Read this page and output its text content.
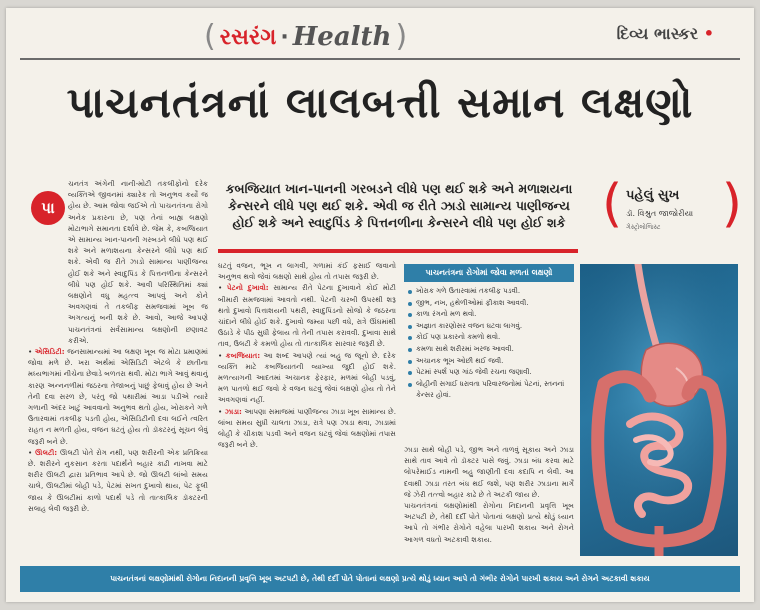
( રસરંગ · Health )	દિવ્ય ભાસ્કર •
પાચનતંત્રનાં લાલબત્તી સમાન લક્ષણો
કબજિયાત ખાન-પાનની ગરબડને લીધે પણ થઈ શકે અને મળાશયના કેન્સરને લીધે પણ થઈ શકે. એવી જ રીતે ઝાડો સામાન્ય પાણીજન્ય હોઈ શકે અને સ્વાદુપિંડ કે પિત્તનળીના કેન્સરને લીધે પણ હોઈ શકે ( પહેલું સુખ
ડૉ. વિશ્રુત જાજોરીયા
ગેસ્ટ્રોલોજિસ્ટ )
પા

ચનતંત્ર અંગેની નાની-મોટી તકલીફોનો દરેક વ્યક્તિએ જીવનમાં ક્યારેક તો અનુભવ કર્યો જ હોય છે. આમ જોવા જઈએ તો પાચનતંત્રના રોગો અનેક પ્રકારના છે, પણ તેનાં બાહ્ય લક્ષણો મોટાભાગે સમાનતા દર્શાવે છે. જેમ કે, કબજિયાત એ સામાન્ય ખાન-પાનની ગરબડને લીધે પણ થઈ શકે અને મળાશયના કેન્સરને લીધે પણ થઈ શકે. એવી જ રીતે ઝાડો સામાન્ય પાણીજન્ય હોઈ શકે અને સ્વાદુપિંડ કે પિત્તનળીના કેન્સરને લીધે પણ હોઈ શકે. આવી પરિસ્થિતિમાં ક્યાં લક્ષણોને વધુ મહત્ત્વ આપવું અને કોને અવગણવાં તે તકલીફ સમજવામાં ખૂબ જ અગત્યનું બની શકે છે. આવો, આજે આપણે પાચનતંત્રનાં સર્વસામાન્ય લક્ષણોની છણાવટ કરીએ.

• એસિડિટી: જનસામાન્યમાં આ લક્ષણ ખૂબ જ મોટા પ્રમાણમાં જોવા મળે છે. ખરા અર્થમાં એસિડિટી એટલે કે છાતીના મધ્યભાગમાં નીચેના છેવાડે બળતરા થવી. મોટા ભાગે આવું થવાનું કારણ અન્નનળીમાં જઠરના તેજાબનું પાછું ફેલાવું હોય છે અને તેની દવા સરળ છે, પરંતુ જો પથારીમાં આડા પડીએ ત્યારે ગળાની અંદર ખાટું આવવાનો અનુભવ થતો હોય, ખોરાકને ગળે ઉતારવામાં તકલીફ પડતી હોય, એસિડિટીની દવા લઈને ત્વરિત રાહત ન મળતી હોય, વજન ઘટતું હોય તો ડૉક્ટરનું સૂચન લેવું જરૂરી બને છે.

• ઊલટી: ઊલટી પોતે રોગ નથી, પણ શરીરની એક પ્રતિક્રિયા છે. શરીરને નુકસાન કરતા પદાર્થને બહાર કાઢી નાખવા માટે શરીર ઊલટી દ્વારા પ્રતિભાવ આપે છે. જો ઊલટી લાંબો સમય ચાલે, ઊલટીમાં લોહી પડે, પેટમાં સખત દુખાવો થાય, પેટ ફૂલી જાય કે ઊલટીમાં કાળો પદાર્થ પડે તો તાત્કાલિક ડૉક્ટરની સલાહ લેવી જરૂરી છે.

ઘટતું વજન, ભૂખ ન લાગવી, ગળામાં કંઈ ફસાઈ જવાનો અનુભવ થવો જેવાં લક્ષણો સાથે હોય તો તપાસ જરૂરી છે.

• પેટનો દુખાવો: સામાન્ય રીતે પેટના દુખાવાને કોઈ મોટી બીમારી સમજવામાં આવતો નથી. પેટની ચરબી ઉપરથી શરૂ થતો દુખાવો પિત્તાશયની પથરી, સ્વાદુપિંડનો સોજો કે જઠરના ચાંદાને લીધે હોઈ શકે. દુખાવો જમ્યા પછી વધે, રાત્રે ઊંઘમાંથી ઉઠાડે કે પીઠ સુધી ફેલાય તો તેની તપાસ કરાવવી. દુખાવા સાથે તાવ, ઉલટી કે કમળો હોય તો તાત્કાલિક સારવાર જરૂરી છે.

• કબજિયાત: આ શબ્દ આપણે ત્યાં બહુ જ જૂનો છે. દરેક વ્યક્તિ માટે કબજિયાતની વ્યાખ્યા જુદી હોઈ શકે. મળત્યાગની આદતમાં અચાનક ફેરફાર, મળમાં લોહી પડવું, મળ પાતળો થઈ જવો કે વજન ઘટવું જેવાં લક્ષણો હોય તો તેને અવગણવાં નહીં.

• ઝાડા: આપણા સમાજમાં પાણીજન્ય ઝાડા ખૂબ સામાન્ય છે. લાંબા સમય સુધી ચાલતા ઝાડા, રાત્રે પણ ઝાડા થવા, ઝાડામાં લોહી કે ચીકાશ પડવી અને વજન ઘટવું જેવાં લક્ષણોમાં તપાસ જરૂરી બને છે.

પાચનતંત્રના રોગોમાં જોવા મળતાં લક્ષણો
ખોરાક ગળે ઉતારવામાં તકલીફ પડવી.
જીભ, નખ, હથેળીઓમાં ફીકાશ આવવી.
કાળા રંગનો મળ થવો.
અજ્ઞાત કારણોસર વજન ઘટવા લાગવું.
કોઈ પણ પ્રકારનો કમળો થવો.
કમળા સાથે શરીરમાં ખરજ આવવી.
અચાનક ભૂખ ઓછી થઈ જવી.
પેટમાં સ્પર્શ પણ ગાંઠ જેવી રચના જણાવી.
લોહીની સગાઈ ધરાવતા પરિવારજનોમાં પેટનાં, સ્તનનાં કેન્સર હોવાં.

ઝાડા સાથે લોહી પડે, જીભ અને તાળવું સૂકાય અને ઝાડા સાથે તાવ આવે તો ડૉક્ટર પાસે જવું. ઝાડા બંધ કરવા માટે લોપરેમાઈડ નામની બહુ જાણીતી દવા કદાપિ ન લેવી. આ દવાથી ઝાડા તરત બંધ થઈ જશે, પણ શરીર ઝાડાના માર્ગે જે ઝેરી તત્ત્વો બહાર કાઢે છે તે અટકી જાય છે.

પાચનતંત્રનાં લક્ષણોમાંથી રોગોના નિદાનની પ્રવૃત્તિ ખૂબ અટપટી છે, તેથી દર્દી પોતે પોતાનાં લક્ષણો પ્રત્યે થોડું ધ્યાન આપે તો ગંભીર રોગોને વહેલા પારખી શકાય અને રોગને આગળ વધતો અટકાવી શકાય.

પાચનતંત્રનાં લક્ષણોમાંથી રોગોના નિદાનની પ્રવૃત્તિ ખૂબ અટપટી છે, તેથી દર્દી પોતે પોતાનાં લક્ષણો પ્રત્યે થોડું ધ્યાન આપે તો ગંભીર રોગોને પારખી શકાય અને રોગને અટકાવી શકાય
